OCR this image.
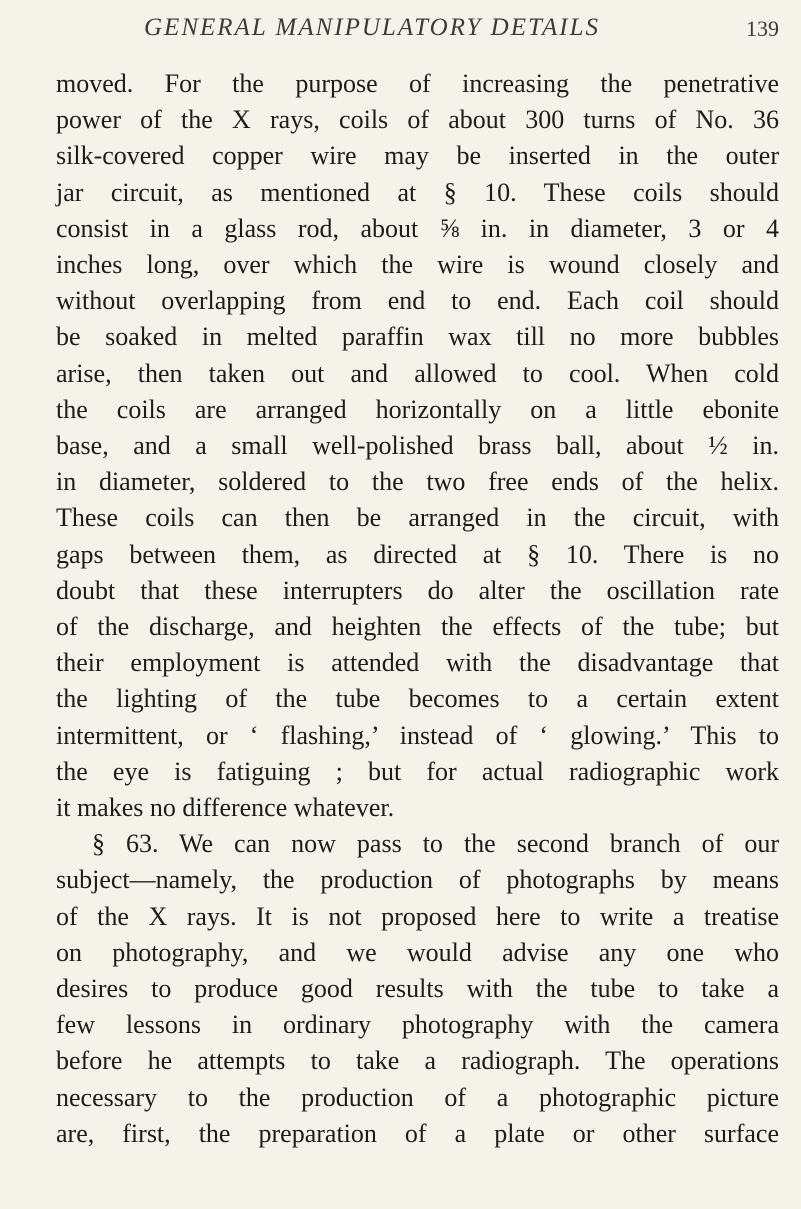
GENERAL MANIPULATORY DETAILS	139

moved. For the purpose of increasing the penetrative

power of the X rays, coils of about 300 turns of No. 36

silk-covered copper wire may be inserted in the outer

jar circuit, as mentioned at § 10. These coils should

consist in a glass rod, about ⅝ in. in diameter, 3 or 4

inches long, over which the wire is wound closely and

without overlapping from end to end. Each coil should

be soaked in melted paraffin wax till no more bubbles

arise, then taken out and allowed to cool. When cold

the coils are arranged horizontally on a little ebonite

base, and a small well-polished brass ball, about ½ in.

in diameter, soldered to the two free ends of the helix.

These coils can then be arranged in the circuit, with

gaps between them, as directed at § 10. There is no

doubt that these interrupters do alter the oscillation rate

of the discharge, and heighten the effects of the tube; but

their employment is attended with the disadvantage that

the lighting of the tube becomes to a certain extent

intermittent, or ‘ flashing,’ instead of ‘ glowing.’ This to

the eye is fatiguing ; but for actual radiographic work

it makes no difference whatever.

§ 63. We can now pass to the second branch of our

subject—namely, the production of photographs by means

of the X rays. It is not proposed here to write a treatise

on photography, and we would advise any one who

desires to produce good results with the tube to take a

few lessons in ordinary photography with the camera

before he attempts to take a radiograph. The operations

necessary to the production of a photographic picture

are, first, the preparation of a plate or other surface
